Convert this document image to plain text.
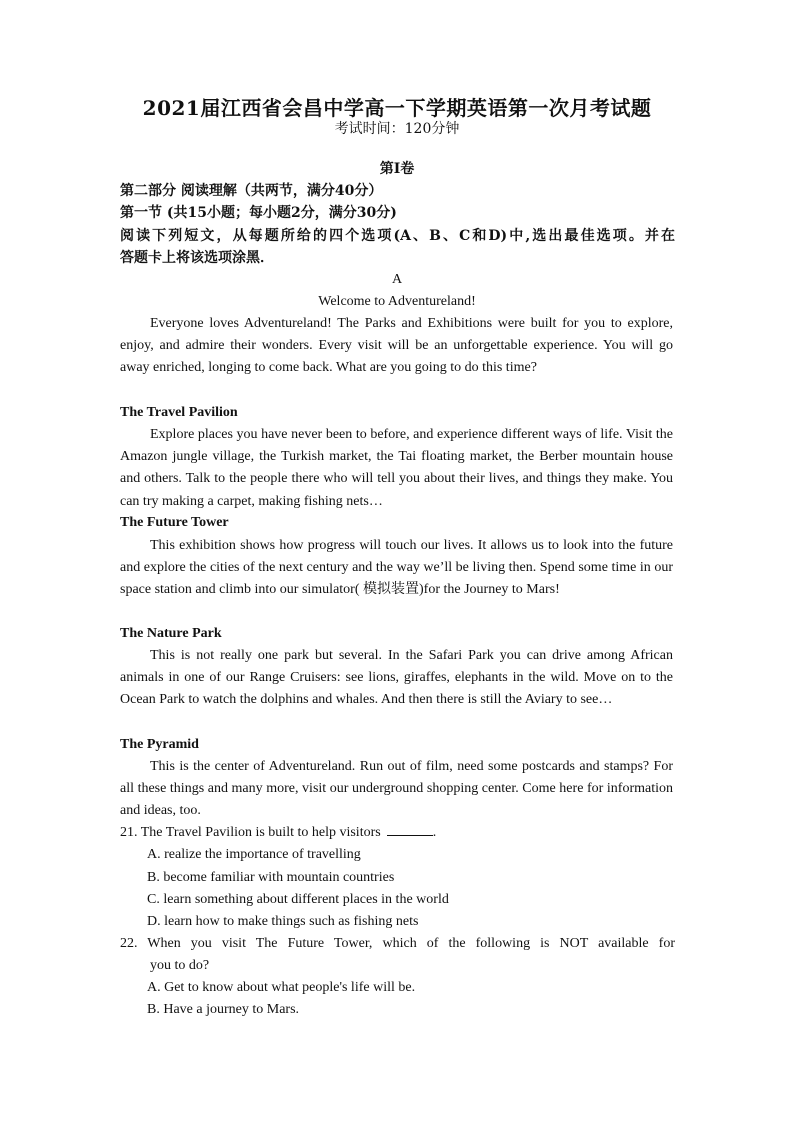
2021届江西省会昌中学高一下学期英语第一次月考试题
考试时间：120分钟
第I卷
第二部分 阅读理解（共两节，满分40分）
第一节 (共15小题；每小题2分，满分30分)
阅读下列短文，从每题所给的四个选项(A、B、C和D)中,选出最佳选项。并在
答题卡上将该选项涂黑．
A
Welcome to Adventureland!
Everyone loves Adventureland! The Parks and Exhibitions were built for you to explore, enjoy, and admire their wonders. Every visit will be an unforgettable experience. You will go away enriched, longing to come back. What are you going to do this time?
The Travel Pavilion
Explore places you have never been to before, and experience different ways of life. Visit the Amazon jungle village, the Turkish market, the Tai floating market, the Berber mountain house and others. Talk to the people there who will tell you about their lives, and things they make. You can try making a carpet, making fishing nets…
The Future Tower
This exhibition shows how progress will touch our lives. It allows us to look into the future and explore the cities of the next century and the way we’ll be living then. Spend some time in our space station and climb into our simulator( 模拟装置)for the Journey to Mars!
The Nature Park
This is not really one park but several. In the Safari Park you can drive among African animals in one of our Range Cruisers: see lions, giraffes, elephants in the wild. Move on to the Ocean Park to watch the dolphins and whales. And then there is still the Aviary to see…
The Pyramid
This is the center of Adventureland. Run out of film, need some postcards and stamps? For all these things and many more, visit our underground shopping center. Come here for information and ideas, too.
21. The Travel Pavilion is built to help visitors	.
A. realize the importance of travelling
B. become familiar with mountain countries
C. learn something about different places in the world
D. learn how to make things such as fishing nets
22. When you visit The Future Tower, which of the following is NOT available for
you to do?
A. Get to know about what people's life will be.
B. Have a journey to Mars.
